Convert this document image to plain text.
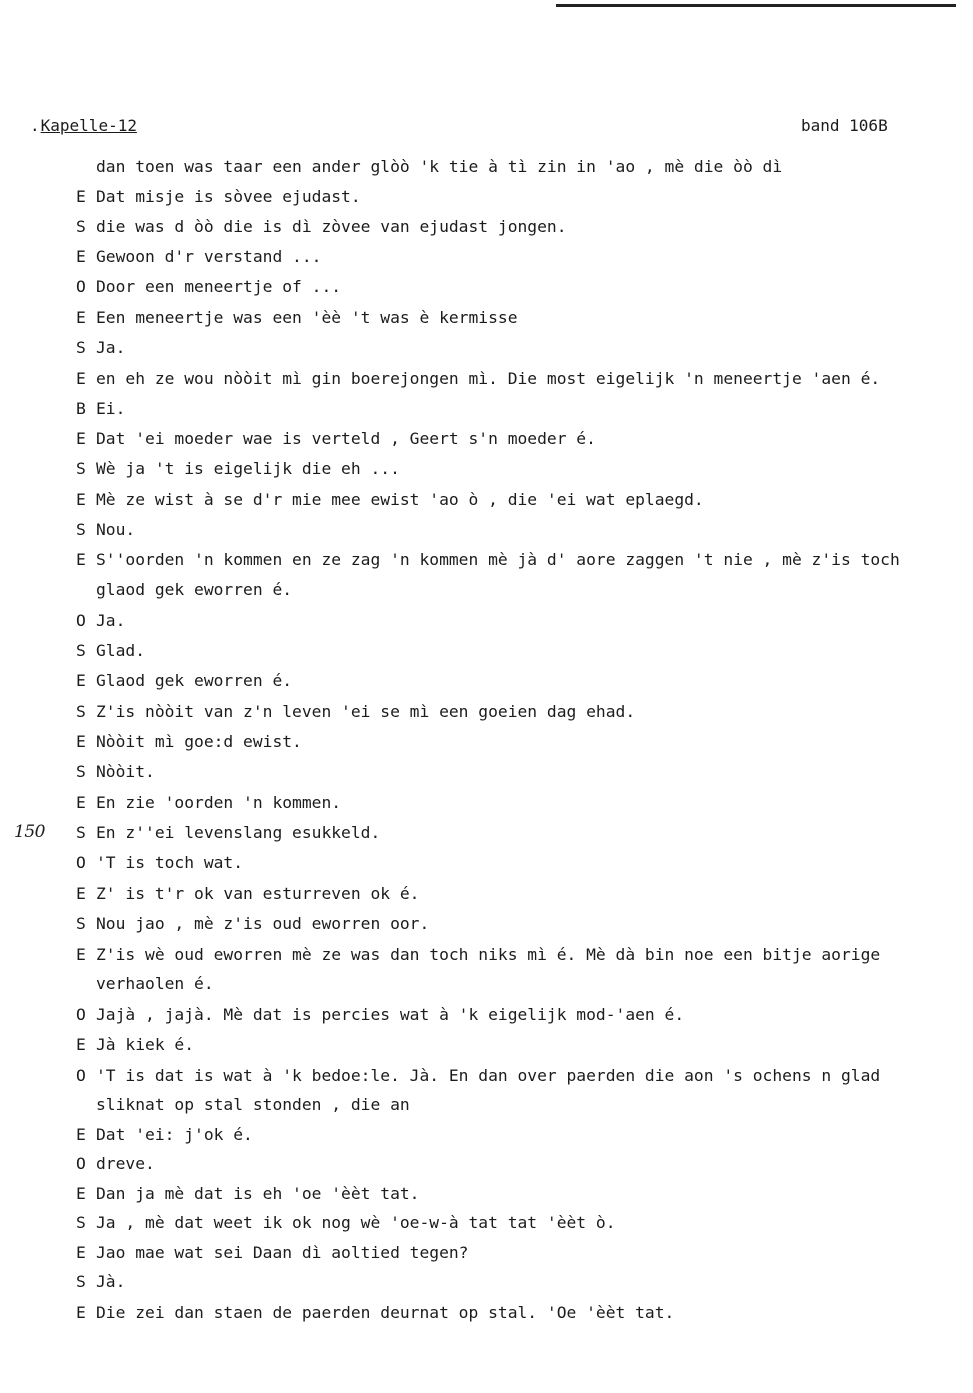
.Kapelle-12	band 106B
150
dan toen was taar een ander glòò 'k tie à tì zin in 'ao , mè die òò dì
E Dat misje is sòvee ejudast.
S die was d òò die is dì zòvee van ejudast jongen.
E Gewoon d'r verstand ...
O Door een meneertje of ...
E Een meneertje was een 'èè 't was è kermisse
S Ja.
E en eh ze wou nòòit mì gin boerejongen mì. Die most eigelijk 'n meneertje 'aen é.
B Ei.
E Dat 'ei moeder wae is verteld , Geert s'n moeder é.
S Wè ja 't is eigelijk die eh ...
E Mè ze wist à se d'r mie mee ewist 'ao ò , die 'ei wat eplaegd.
S Nou.
E S''oorden 'n kommen en ze zag 'n kommen mè jà d' aore zaggen 't nie , mè z'is toch
glaod gek eworren é.
O Ja.
S Glad.
E Glaod gek eworren é.
S Z'is nòòit van z'n leven 'ei se mì een goeien dag ehad.
E Nòòit mì goe:d ewist.
S Nòòit.
E En zie 'oorden 'n kommen.
S En z''ei levenslang esukkeld.
O 'T is toch wat.
E Z' is t'r ok van esturreven ok é.
S Nou jao , mè z'is oud eworren oor.
E Z'is wè oud eworren mè ze was dan toch niks mì é. Mè dà bin noe een bitje aorige
verhaolen é.
O Jajà , jajà. Mè dat is percies wat à 'k eigelijk mod-'aen é.
E Jà kiek é.
O 'T is dat is wat à 'k bedoe:le. Jà. En dan over paerden die aon 's ochens n glad
sliknat op stal stonden , die an
E Dat 'ei: j'ok é.
O dreve.
E Dan ja mè dat is eh 'oe 'èèt tat.
S Ja , mè dat weet ik ok nog wè 'oe-w-à tat tat 'èèt ò.
E Jao mae wat sei Daan dì aoltied tegen?
S Jà.
E Die zei dan staen de paerden deurnat op stal. 'Oe 'èèt tat.
